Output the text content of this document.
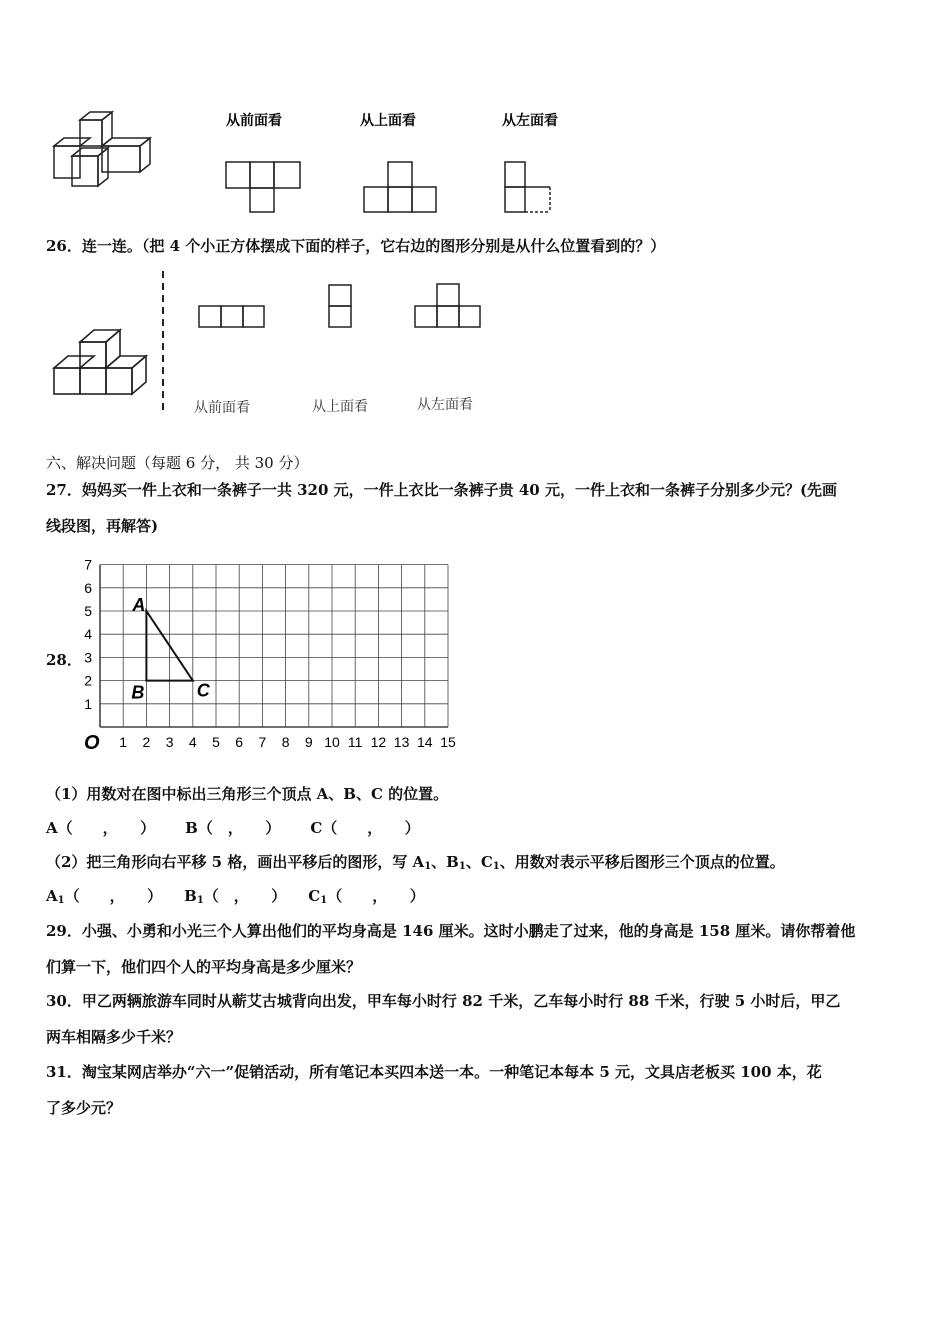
从前面看	从上面看	从左面看
26．连一连。（把 4 个小正方体摆成下面的样子，它右边的图形分别是从什么位置看到的？）
从前面看	从上面看	从左面看
六、解决问题（每题 6 分， 共 30 分）
27．妈妈买一件上衣和一条裤子一共 320 元，一件上衣比一条裤子贵 40 元，一件上衣和一条裤子分别多少元？(先画
线段图，再解答)
28．
1 2 3 4 5 6 7 8 9 10 11 12 13 14 15
1
2
3
4
5
6
7
O
A
B	C
（1）用数对在图中标出三角形三个顶点 A、B、C 的位置。
A（　　，　　） B（　，　　） C（　　，　　）
（2）把三角形向右平移 5 格，画出平移后的图形，写 $A_1$、$B_1$、$C_1$、用数对表示平移后图形三个顶点的位置。
$A_1$（　　，　　） $B_1$（　，　　） $C_1$（　　，　　）
29．小强、小勇和小光三个人算出他们的平均身高是 146 厘米。这时小鹏走了过来，他的身高是 158 厘米。请你帮着他
们算一下，他们四个人的平均身高是多少厘米？
30．甲乙两辆旅游车同时从蕲艾古城背向出发，甲车每小时行 82 千米，乙车每小时行 88 千米，行驶 5 小时后，甲乙
两车相隔多少千米？
31．淘宝某网店举办“六一”促销活动，所有笔记本买四本送一本。一种笔记本每本 5 元，文具店老板买 100 本，花
了多少元？
